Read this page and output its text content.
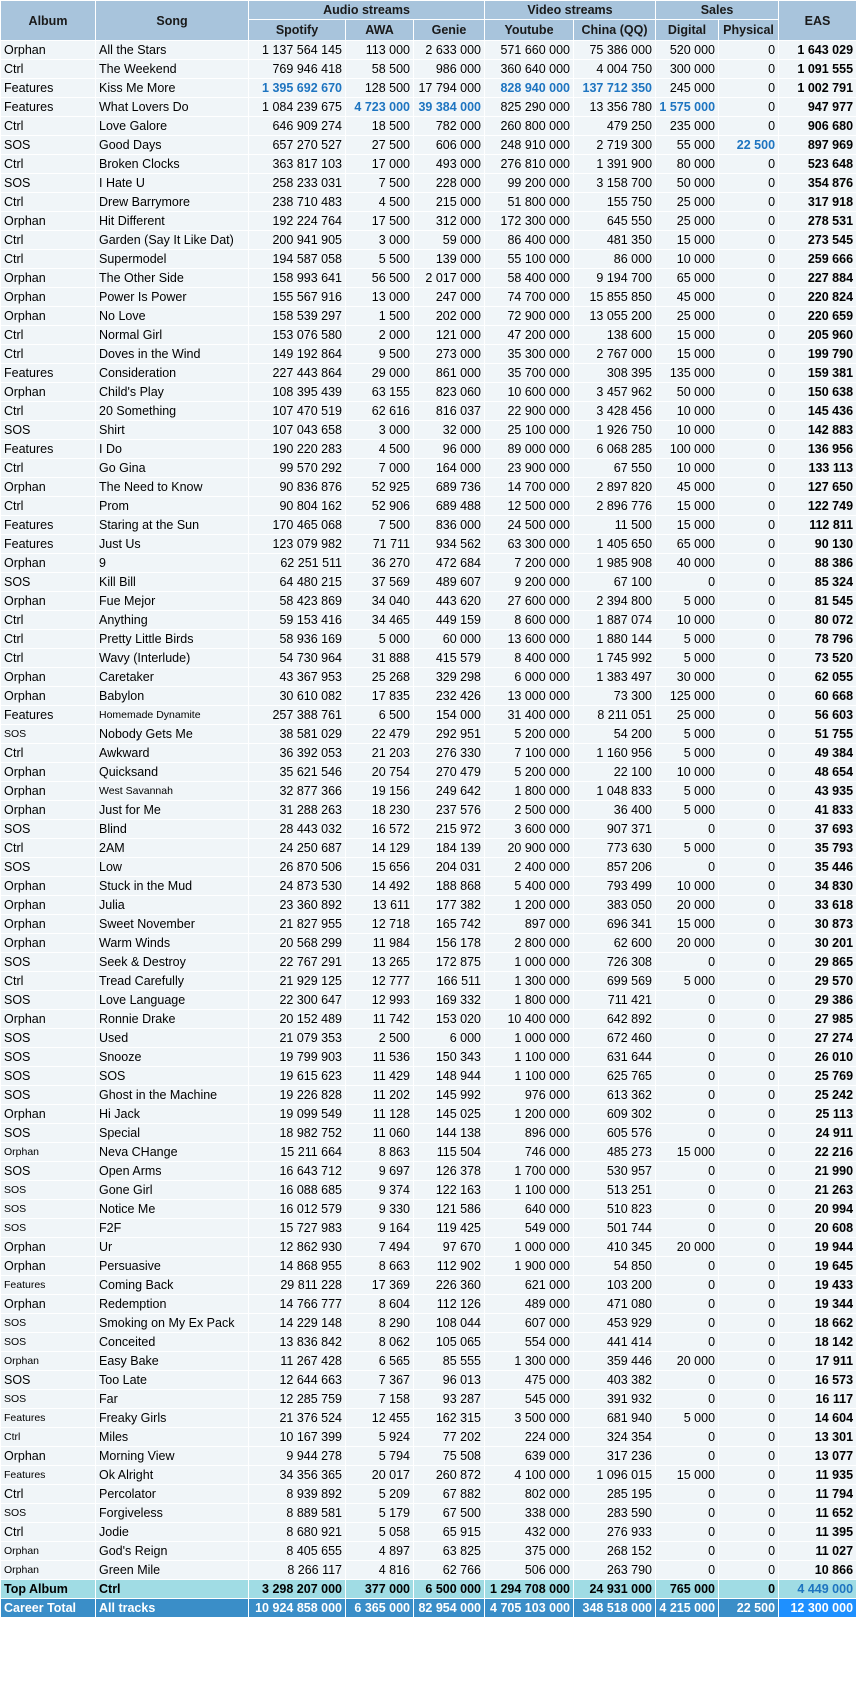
Album	Song	Audio streams			Video streams		Sales		EAS
		Spotify	AWA	Genie	Youtube	China (QQ)	Digital	Physical	
Orphan	All the Stars	1 137 564 145	113 000	2 633 000	571 660 000	75 386 000	520 000	0	1 643 029
Ctrl	The Weekend	769 946 418	58 500	986 000	360 640 000	4 004 750	300 000	0	1 091 555
Features	Kiss Me More	1 395 692 670	128 500	17 794 000	828 940 000	137 712 350	245 000	0	1 002 791
Features	What Lovers Do	1 084 239 675	4 723 000	39 384 000	825 290 000	13 356 780	1 575 000	0	947 977
Ctrl	Love Galore	646 909 274	18 500	782 000	260 800 000	479 250	235 000	0	906 680
SOS	Good Days	657 270 527	27 500	606 000	248 910 000	2 719 300	55 000	22 500	897 969
Ctrl	Broken Clocks	363 817 103	17 000	493 000	276 810 000	1 391 900	80 000	0	523 648
SOS	I Hate U	258 233 031	7 500	228 000	99 200 000	3 158 700	50 000	0	354 876
Ctrl	Drew Barrymore	238 710 483	4 500	215 000	51 800 000	155 750	25 000	0	317 918
Orphan	Hit Different	192 224 764	17 500	312 000	172 300 000	645 550	25 000	0	278 531
Ctrl	Garden (Say It Like Dat)	200 941 905	3 000	59 000	86 400 000	481 350	15 000	0	273 545
Ctrl	Supermodel	194 587 058	5 500	139 000	55 100 000	86 000	10 000	0	259 666
Orphan	The Other Side	158 993 641	56 500	2 017 000	58 400 000	9 194 700	65 000	0	227 884
Orphan	Power Is Power	155 567 916	13 000	247 000	74 700 000	15 855 850	45 000	0	220 824
Orphan	No Love	158 539 297	1 500	202 000	72 900 000	13 055 200	25 000	0	220 659
Ctrl	Normal Girl	153 076 580	2 000	121 000	47 200 000	138 600	15 000	0	205 960
Ctrl	Doves in the Wind	149 192 864	9 500	273 000	35 300 000	2 767 000	15 000	0	199 790
Features	Consideration	227 443 864	29 000	861 000	35 700 000	308 395	135 000	0	159 381
Orphan	Child's Play	108 395 439	63 155	823 060	10 600 000	3 457 962	50 000	0	150 638
Ctrl	20 Something	107 470 519	62 616	816 037	22 900 000	3 428 456	10 000	0	145 436
SOS	Shirt	107 043 658	3 000	32 000	25 100 000	1 926 750	10 000	0	142 883
Features	I Do	190 220 283	4 500	96 000	89 000 000	6 068 285	100 000	0	136 956
Ctrl	Go Gina	99 570 292	7 000	164 000	23 900 000	67 550	10 000	0	133 113
Orphan	The Need to Know	90 836 876	52 925	689 736	14 700 000	2 897 820	45 000	0	127 650
Ctrl	Prom	90 804 162	52 906	689 488	12 500 000	2 896 776	15 000	0	122 749
Features	Staring at the Sun	170 465 068	7 500	836 000	24 500 000	11 500	15 000	0	112 811
Features	Just Us	123 079 982	71 711	934 562	63 300 000	1 405 650	65 000	0	90 130
Orphan	9	62 251 511	36 270	472 684	7 200 000	1 985 908	40 000	0	88 386
SOS	Kill Bill	64 480 215	37 569	489 607	9 200 000	67 100	0	0	85 324
Orphan	Fue Mejor	58 423 869	34 040	443 620	27 600 000	2 394 800	5 000	0	81 545
Ctrl	Anything	59 153 416	34 465	449 159	8 600 000	1 887 074	10 000	0	80 072
Ctrl	Pretty Little Birds	58 936 169	5 000	60 000	13 600 000	1 880 144	5 000	0	78 796
Ctrl	Wavy (Interlude)	54 730 964	31 888	415 579	8 400 000	1 745 992	5 000	0	73 520
Orphan	Caretaker	43 367 953	25 268	329 298	6 000 000	1 383 497	30 000	0	62 055
Orphan	Babylon	30 610 082	17 835	232 426	13 000 000	73 300	125 000	0	60 668
Features	Homemade Dynamite	257 388 761	6 500	154 000	31 400 000	8 211 051	25 000	0	56 603
SOS	Nobody Gets Me	38 581 029	22 479	292 951	5 200 000	54 200	5 000	0	51 755
Ctrl	Awkward	36 392 053	21 203	276 330	7 100 000	1 160 956	5 000	0	49 384
Orphan	Quicksand	35 621 546	20 754	270 479	5 200 000	22 100	10 000	0	48 654
Orphan	West Savannah	32 877 366	19 156	249 642	1 800 000	1 048 833	5 000	0	43 935
Orphan	Just for Me	31 288 263	18 230	237 576	2 500 000	36 400	5 000	0	41 833
SOS	Blind	28 443 032	16 572	215 972	3 600 000	907 371	0	0	37 693
Ctrl	2AM	24 250 687	14 129	184 139	20 900 000	773 630	5 000	0	35 793
SOS	Low	26 870 506	15 656	204 031	2 400 000	857 206	0	0	35 446
Orphan	Stuck in the Mud	24 873 530	14 492	188 868	5 400 000	793 499	10 000	0	34 830
Orphan	Julia	23 360 892	13 611	177 382	1 200 000	383 050	20 000	0	33 618
Orphan	Sweet November	21 827 955	12 718	165 742	897 000	696 341	15 000	0	30 873
Orphan	Warm Winds	20 568 299	11 984	156 178	2 800 000	62 600	20 000	0	30 201
SOS	Seek & Destroy	22 767 291	13 265	172 875	1 000 000	726 308	0	0	29 865
Ctrl	Tread Carefully	21 929 125	12 777	166 511	1 300 000	699 569	5 000	0	29 570
SOS	Love Language	22 300 647	12 993	169 332	1 800 000	711 421	0	0	29 386
Orphan	Ronnie Drake	20 152 489	11 742	153 020	10 400 000	642 892	0	0	27 985
SOS	Used	21 079 353	2 500	6 000	1 000 000	672 460	0	0	27 274
SOS	Snooze	19 799 903	11 536	150 343	1 100 000	631 644	0	0	26 010
SOS	SOS	19 615 623	11 429	148 944	1 100 000	625 765	0	0	25 769
SOS	Ghost in the Machine	19 226 828	11 202	145 992	976 000	613 362	0	0	25 242
Orphan	Hi Jack	19 099 549	11 128	145 025	1 200 000	609 302	0	0	25 113
SOS	Special	18 982 752	11 060	144 138	896 000	605 576	0	0	24 911
Orphan	Neva CHange	15 211 664	8 863	115 504	746 000	485 273	15 000	0	22 216
SOS	Open Arms	16 643 712	9 697	126 378	1 700 000	530 957	0	0	21 990
SOS	Gone Girl	16 088 685	9 374	122 163	1 100 000	513 251	0	0	21 263
SOS	Notice Me	16 012 579	9 330	121 586	640 000	510 823	0	0	20 994
SOS	F2F	15 727 983	9 164	119 425	549 000	501 744	0	0	20 608
Orphan	Ur	12 862 930	7 494	97 670	1 000 000	410 345	20 000	0	19 944
Orphan	Persuasive	14 868 955	8 663	112 902	1 900 000	54 850	0	0	19 645
Features	Coming Back	29 811 228	17 369	226 360	621 000	103 200	0	0	19 433
Orphan	Redemption	14 766 777	8 604	112 126	489 000	471 080	0	0	19 344
SOS	Smoking on My Ex Pack	14 229 148	8 290	108 044	607 000	453 929	0	0	18 662
SOS	Conceited	13 836 842	8 062	105 065	554 000	441 414	0	0	18 142
Orphan	Easy Bake	11 267 428	6 565	85 555	1 300 000	359 446	20 000	0	17 911
SOS	Too Late	12 644 663	7 367	96 013	475 000	403 382	0	0	16 573
SOS	Far	12 285 759	7 158	93 287	545 000	391 932	0	0	16 117
Features	Freaky Girls	21 376 524	12 455	162 315	3 500 000	681 940	5 000	0	14 604
Ctrl	Miles	10 167 399	5 924	77 202	224 000	324 354	0	0	13 301
Orphan	Morning View	9 944 278	5 794	75 508	639 000	317 236	0	0	13 077
Features	Ok Alright	34 356 365	20 017	260 872	4 100 000	1 096 015	15 000	0	11 935
Ctrl	Percolator	8 939 892	5 209	67 882	802 000	285 195	0	0	11 794
SOS	Forgiveless	8 889 581	5 179	67 500	338 000	283 590	0	0	11 652
Ctrl	Jodie	8 680 921	5 058	65 915	432 000	276 933	0	0	11 395
Orphan	God's Reign	8 405 655	4 897	63 825	375 000	268 152	0	0	11 027
Orphan	Green Mile	8 266 117	4 816	62 766	506 000	263 790	0	0	10 866
Top Album	Ctrl	3 298 207 000	377 000	6 500 000	1 294 708 000	24 931 000	765 000	0	4 449 000
Career Total	All tracks	10 924 858 000	6 365 000	82 954 000	4 705 103 000	348 518 000	4 215 000	22 500	12 300 000
